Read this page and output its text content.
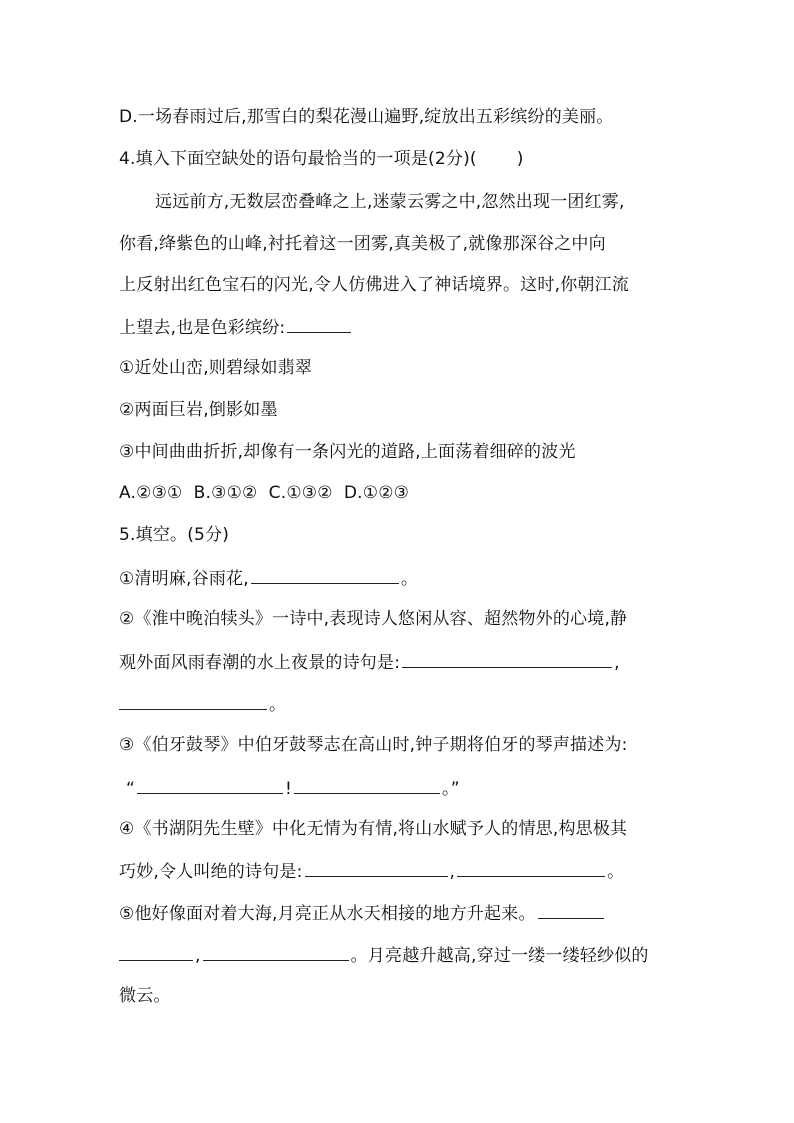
D.一场春雨过后,那雪白的梨花漫山遍野,绽放出五彩缤纷的美丽。
4.填入下面空缺处的语句最恰当的一项是(2分)( )
远远前方,无数层峦叠峰之上,迷蒙云雾之中,忽然出现一团红雾,
你看,绛紫色的山峰,衬托着这一团雾,真美极了,就像那深谷之中向
上反射出红色宝石的闪光,令人仿佛进入了神话境界。这时,你朝江流
上望去,也是色彩缤纷:
①近处山峦,则碧绿如翡翠
②两面巨岩,倒影如墨
③中间曲曲折折,却像有一条闪光的道路,上面荡着细碎的波光
A.②③①  B.③①②  C.①③②  D.①②③
5.填空。(5分)
①清明麻,谷雨花,	。
②《淮中晚泊犊头》一诗中,表现诗人悠闲从容、超然物外的心境,静
观外面风雨春潮的水上夜景的诗句是:	,
。
③《伯牙鼓琴》中伯牙鼓琴志在高山时,钟子期将伯牙的琴声描述为:
“	!	。”
④《书湖阴先生壁》中化无情为有情,将山水赋予人的情思,构思极其
巧妙,令人叫绝的诗句是:	,	。
⑤他好像面对着大海,月亮正从水天相接的地方升起来。
,	。月亮越升越高,穿过一缕一缕轻纱似的
微云。
